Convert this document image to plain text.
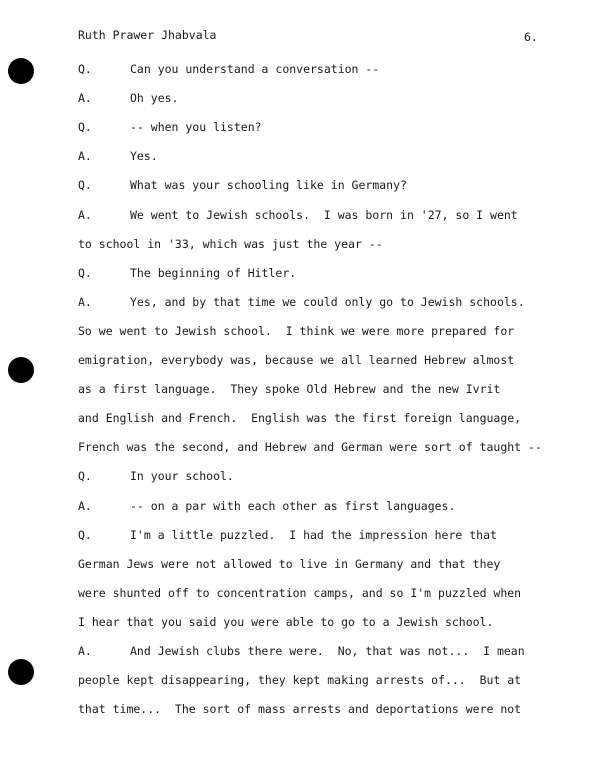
Ruth Prawer Jhabvala	6.
Q.	Can you understand a conversation --
A.	Oh yes.
Q.	-- when you listen?
A.	Yes.
Q.	What was your schooling like in Germany?
A.	We went to Jewish schools.  I was born in '27, so I went
to school in '33, which was just the year --
Q.	The beginning of Hitler.
A.	Yes, and by that time we could only go to Jewish schools.
So we went to Jewish school.  I think we were more prepared for
emigration, everybody was, because we all learned Hebrew almost
as a first language.  They spoke Old Hebrew and the new Ivrit
and English and French.  English was the first foreign language,
French was the second, and Hebrew and German were sort of taught --
Q.	In your school.
A.	-- on a par with each other as first languages.
Q.	I'm a little puzzled.  I had the impression here that
German Jews were not allowed to live in Germany and that they
were shunted off to concentration camps, and so I'm puzzled when
I hear that you said you were able to go to a Jewish school.
A.	And Jewish clubs there were.  No, that was not...  I mean
people kept disappearing, they kept making arrests of...  But at
that time...  The sort of mass arrests and deportations were not
